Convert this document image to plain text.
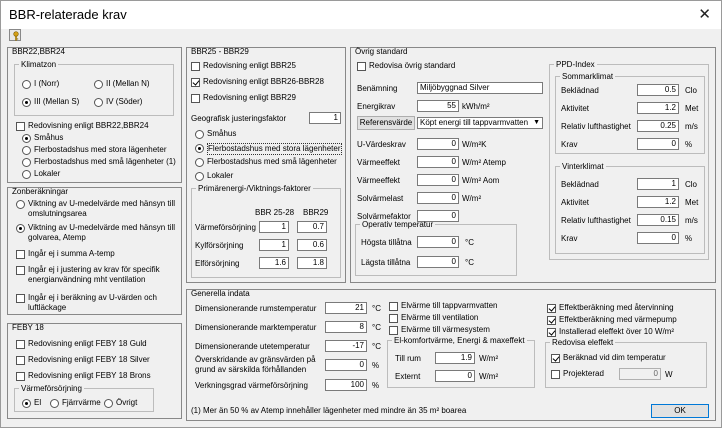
BBR-relaterade krav	✕
BBR22,BBR24
Klimatzon
I (Norr)	II (Mellan N)
III (Mellan S)	IV (Söder)
Redovisning enligt BBR22,BBR24
Småhus
Flerbostadshus med stora lägenheter
Flerbostadshus med små lägenheter (1)
Lokaler
Zonberäkningar
Viktning av U-medelvärde med hänsyn till omslutningsarea
Viktning av U-medelvärde med hänsyn till golvarea, Atemp
Ingår ej i summa A-temp
Ingår ej i justering av krav för specifik energianvändning mht ventilation
Ingår ej i beräkning av U-värden och luftläckage
FEBY 18
Redovisning enligt FEBY 18 Guld
Redovisning enligt FEBY 18 Silver
Redovisning enligt FEBY 18 Brons
Värmeförsörjning
El	Fjärrvärme Övrigt
BBR25 - BBR29
Redovisning enligt BBR25
Redovisning enligt BBR26-BBR28
Redovisning enligt BBR29
Geografisk justeringsfaktor	1
Småhus
Flerbostadshus med stora lägenheter
Flerbostadshus med små lägenheter
Lokaler
Primärenergi-/Viktnings-faktorer
BBR 25-28 BBR29
Värmeförsörjning	1	0.7
Kylförsörjning	1	0.6
Elförsörjning	1.6	1.8
Övrig standard
Redovisa övrig standard
Benämning	Miljöbyggnad Silver
Energikrav	55 kWh/m²
Referensvärde Köpt energi till tappvarmvatten ▼
U-Värdeskrav	0 W/m²K
Värmeeffekt	0 W/m² Atemp
Värmeeffekt	0 W/m² Aom
Solvärmelast	0 W/m²
Solvärmefaktor	0
Operativ temperatur
Högsta tillåtna	0	°C
Lägsta tillåtna	0	°C
PPD-Index
Sommarklimat
Beklädnad	0.5	Clo
Aktivitet	1.2	Met
Relativ lufthastighet	0.25	m/s
Krav	0	%
Vinterklimat
Beklädnad	1	Clo
Aktivitet	1.2	Met
Relativ lufthastighet	0.15	m/s
Krav	0	%
Generella indata
Dimensionerande rumstemperatur	21	°C
Dimensionerande marktemperatur	8	°C
Dimensionerande utetemperatur	-17	°C
Överskridande av gränsvärden på grund av särskilda förhållanden
0	%
Verkningsgrad värmeförsörjning	100	%
Elvärme till tappvarmvatten
Elvärme till ventilation
Elvärme till värmesystem
El-komfortvärme, Energi & maxeffekt
Till rum	1.9 W/m²
Externt	0 W/m²
Effektberäkning med återvinning
Effektberäkning med värmepump
Installerad eleffekt över 10 W/m²
Redovisa eleffekt
Beräknad vid dim temperatur
Projekterad	0 W
(1) Mer än 50 % av Atemp innehåller lägenheter med mindre än 35 m² boarea	OK
